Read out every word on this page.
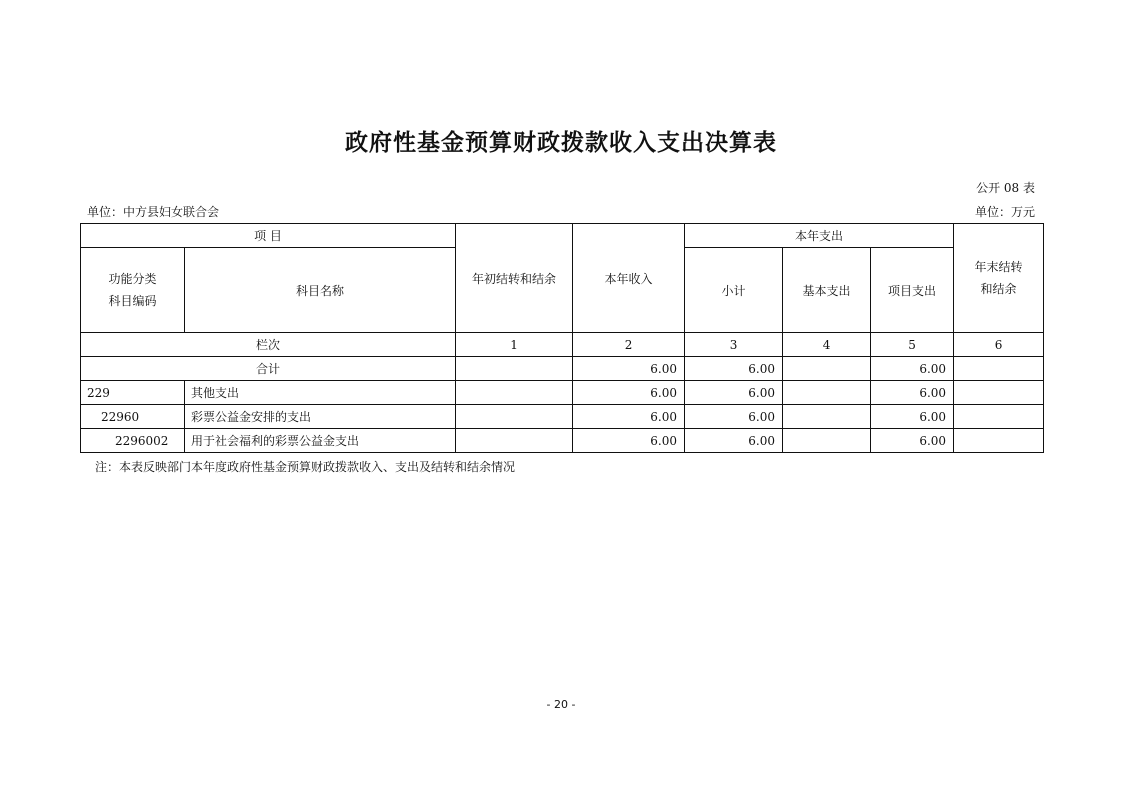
政府性基金预算财政拨款收入支出决算表
公开 08 表
单位：中方县妇女联合会	单位：万元
项 目		年初结转和结余	本年收入	本年支出			年末结转
和结余

功能分类
科目编码	科目名称			小计	基本支出	项目支出	
栏次		1	2	3	4	5	6
合计			6.00	6.00		6.00	
229	其他支出		6.00	6.00		6.00	
22960	彩票公益金安排的支出		6.00	6.00		6.00	
2296002	用于社会福利的彩票公益金支出		6.00	6.00		6.00	
注：本表反映部门本年度政府性基金预算财政拨款收入、支出及结转和结余情况
- 20 -
